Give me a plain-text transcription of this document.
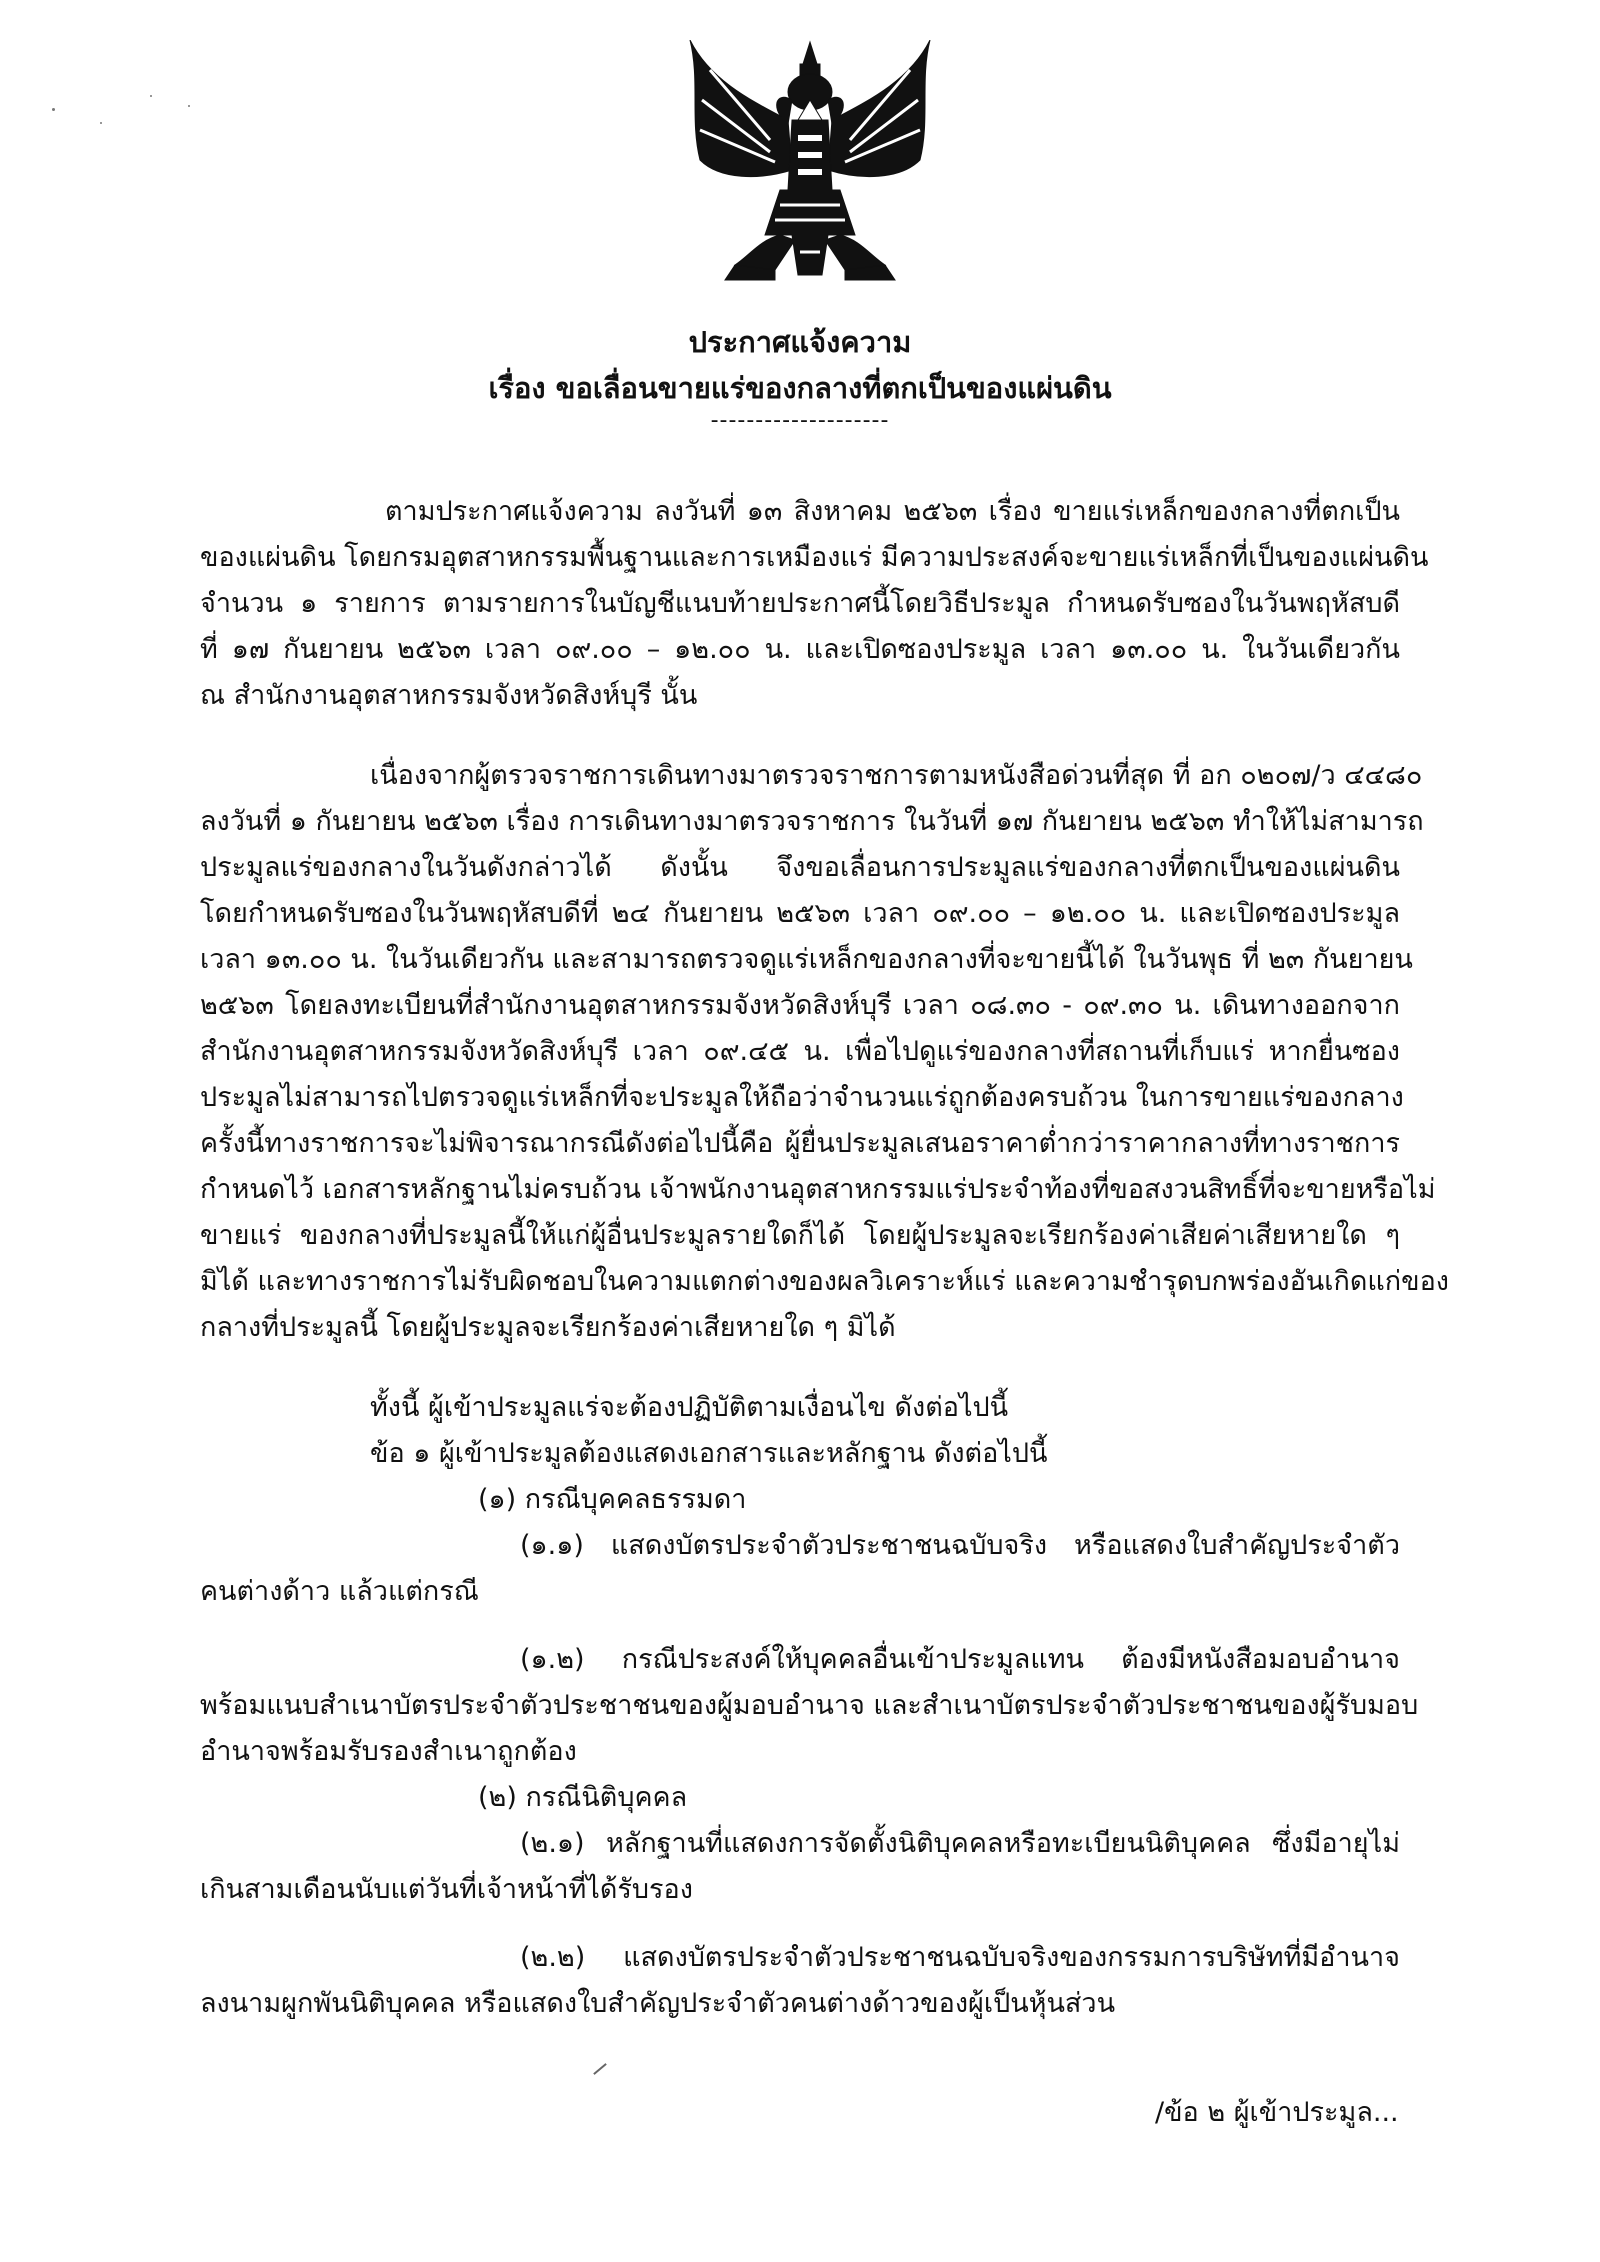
ประกาศแจ้งความ
เรื่อง ขอเลื่อนขายแร่ของกลางที่ตกเป็นของแผ่นดิน
--------------------
ตามประกาศแจ้งความ ลงวันที่ ๑๓ สิงหาคม ๒๕๖๓ เรื่อง ขายแร่เหล็กของกลางที่ตกเป็น
ของแผ่นดิน โดยกรมอุตสาหกรรมพื้นฐานและการเหมืองแร่ มีความประสงค์จะขายแร่เหล็กที่เป็นของแผ่นดิน
จำนวน ๑ รายการ ตามรายการในบัญชีแนบท้ายประกาศนี้โดยวิธีประมูล กำหนดรับซองในวันพฤหัสบดี
ที่ ๑๗ กันยายน ๒๕๖๓ เวลา ๐๙.๐๐ – ๑๒.๐๐ น. และเปิดซองประมูล เวลา ๑๓.๐๐ น. ในวันเดียวกัน
ณ สำนักงานอุตสาหกรรมจังหวัดสิงห์บุรี นั้น
เนื่องจากผู้ตรวจราชการเดินทางมาตรวจราชการตามหนังสือด่วนที่สุด ที่ อก ๐๒๐๗/ว ๔๔๘๐
ลงวันที่ ๑ กันยายน ๒๕๖๓ เรื่อง การเดินทางมาตรวจราชการ ในวันที่ ๑๗ กันยายน ๒๕๖๓ ทำให้ไม่สามารถ
ประมูลแร่ของกลางในวันดังกล่าวได้ ดังนั้น จึงขอเลื่อนการประมูลแร่ของกลางที่ตกเป็นของแผ่นดิน
โดยกำหนดรับซองในวันพฤหัสบดีที่ ๒๔ กันยายน ๒๕๖๓ เวลา ๐๙.๐๐ – ๑๒.๐๐ น. และเปิดซองประมูล
เวลา ๑๓.๐๐ น. ในวันเดียวกัน และสามารถตรวจดูแร่เหล็กของกลางที่จะขายนี้ได้ ในวันพุธ ที่ ๒๓ กันยายน
๒๕๖๓ โดยลงทะเบียนที่สำนักงานอุตสาหกรรมจังหวัดสิงห์บุรี เวลา ๐๘.๓๐ - ๐๙.๓๐ น. เดินทางออกจาก
สำนักงานอุตสาหกรรมจังหวัดสิงห์บุรี เวลา ๐๙.๔๕ น. เพื่อไปดูแร่ของกลางที่สถานที่เก็บแร่ หากยื่นซอง
ประมูลไม่สามารถไปตรวจดูแร่เหล็กที่จะประมูลให้ถือว่าจำนวนแร่ถูกต้องครบถ้วน ในการขายแร่ของกลาง
ครั้งนี้ทางราชการจะไม่พิจารณากรณีดังต่อไปนี้คือ ผู้ยื่นประมูลเสนอราคาต่ำกว่าราคากลางที่ทางราชการ
กำหนดไว้ เอกสารหลักฐานไม่ครบถ้วน เจ้าพนักงานอุตสาหกรรมแร่ประจำท้องที่ขอสงวนสิทธิ์ที่จะขายหรือไม่
ขายแร่ ของกลางที่ประมูลนี้ให้แก่ผู้อื่นประมูลรายใดก็ได้ โดยผู้ประมูลจะเรียกร้องค่าเสียค่าเสียหายใด ๆ
มิได้ และทางราชการไม่รับผิดชอบในความแตกต่างของผลวิเคราะห์แร่ และความชำรุดบกพร่องอันเกิดแก่ของ
กลางที่ประมูลนี้ โดยผู้ประมูลจะเรียกร้องค่าเสียหายใด ๆ มิได้
ทั้งนี้ ผู้เข้าประมูลแร่จะต้องปฏิบัติตามเงื่อนไข ดังต่อไปนี้
ข้อ ๑ ผู้เข้าประมูลต้องแสดงเอกสารและหลักฐาน ดังต่อไปนี้
(๑) กรณีบุคคลธรรมดา
(๑.๑) แสดงบัตรประจำตัวประชาชนฉบับจริง หรือแสดงใบสำคัญประจำตัว
คนต่างด้าว แล้วแต่กรณี
(๑.๒) กรณีประสงค์ให้บุคคลอื่นเข้าประมูลแทน ต้องมีหนังสือมอบอำนาจ
พร้อมแนบสำเนาบัตรประจำตัวประชาชนของผู้มอบอำนาจ และสำเนาบัตรประจำตัวประชาชนของผู้รับมอบ
อำนาจพร้อมรับรองสำเนาถูกต้อง
(๒) กรณีนิติบุคคล
(๒.๑) หลักฐานที่แสดงการจัดตั้งนิติบุคคลหรือทะเบียนนิติบุคคล ซึ่งมีอายุไม่
เกินสามเดือนนับแต่วันที่เจ้าหน้าที่ได้รับรอง
(๒.๒) แสดงบัตรประจำตัวประชาชนฉบับจริงของกรรมการบริษัทที่มีอำนาจ
ลงนามผูกพันนิติบุคคล หรือแสดงใบสำคัญประจำตัวคนต่างด้าวของผู้เป็นหุ้นส่วน
/ข้อ ๒ ผู้เข้าประมูล...
